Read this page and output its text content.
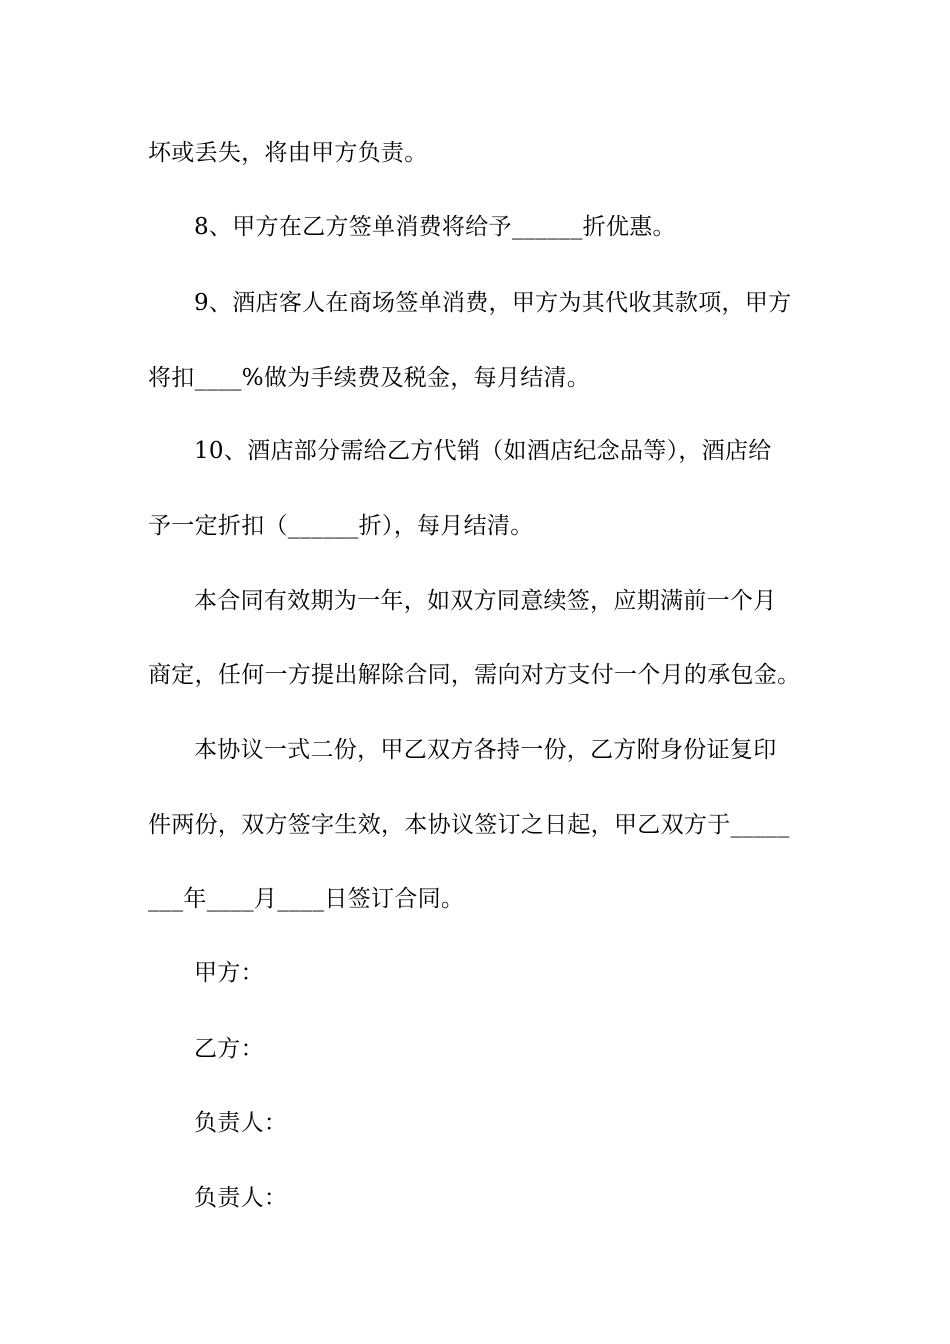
坏或丢失，将由甲方负责。
8、甲方在乙方签单消费将给予______折优惠。
9、酒店客人在商场签单消费，甲方为其代收其款项，甲方
将扣____%做为手续费及税金，每月结清。
10、酒店部分需给乙方代销（如酒店纪念品等），酒店给
予一定折扣（______折），每月结清。
本合同有效期为一年，如双方同意续签，应期满前一个月
商定，任何一方提出解除合同，需向对方支付一个月的承包金。
本协议一式二份，甲乙双方各持一份，乙方附身份证复印
件两份，双方签字生效，本协议签订之日起，甲乙双方于_____
___年____月____日签订合同。
甲方：
乙方：
负责人：
负责人：
